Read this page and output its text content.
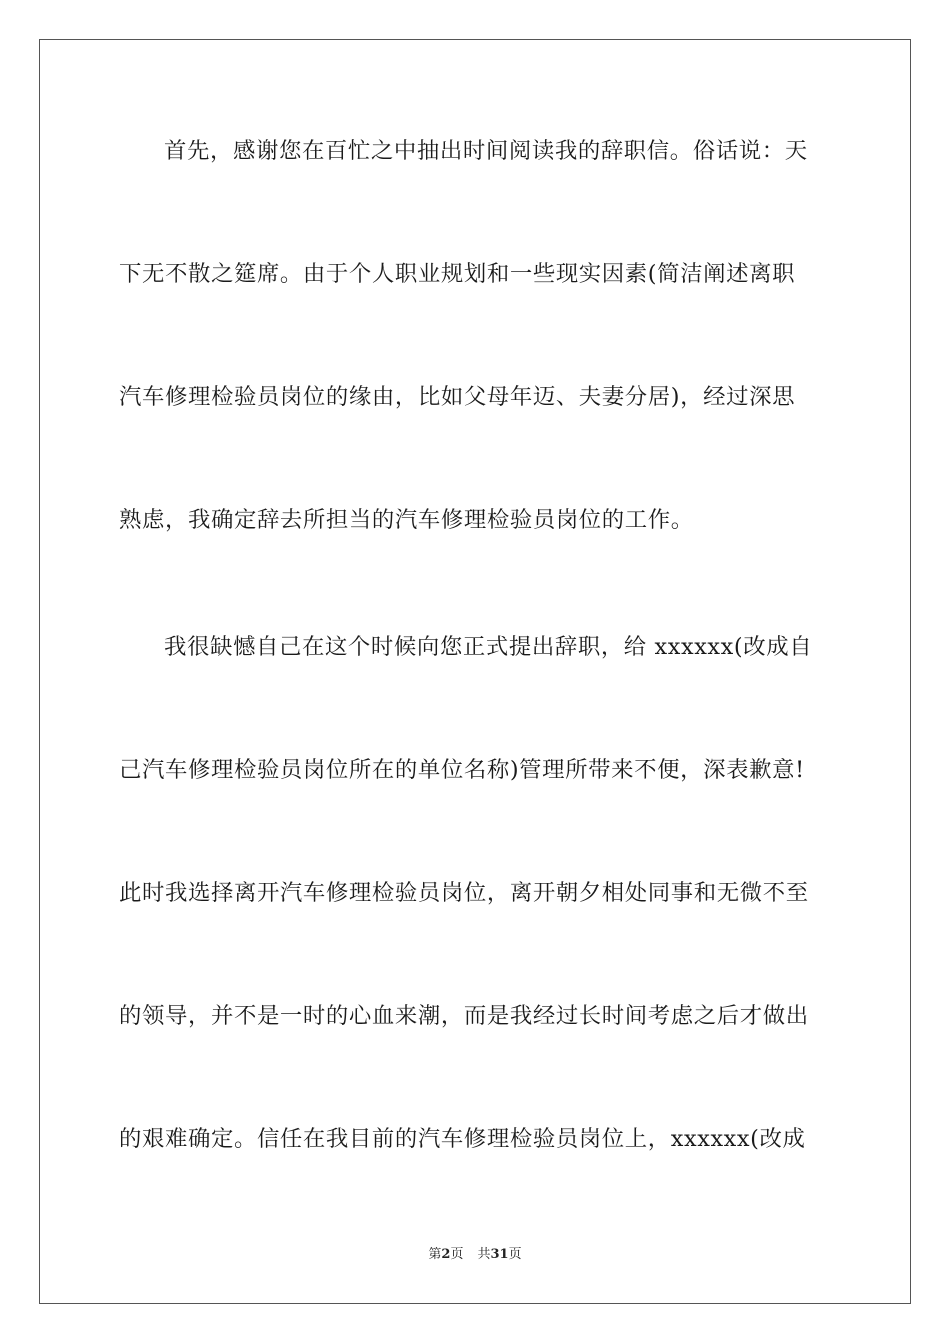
首先，感谢您在百忙之中抽出时间阅读我的辞职信。俗话说：天
下无不散之筵席。由于个人职业规划和一些现实因素(简洁阐述离职
汽车修理检验员岗位的缘由，比如父母年迈、夫妻分居)，经过深思
熟虑，我确定辞去所担当的汽车修理检验员岗位的工作。
我很缺憾自己在这个时候向您正式提出辞职，给 xxxxxx(改成自
己汽车修理检验员岗位所在的单位名称)管理所带来不便，深表歉意!
此时我选择离开汽车修理检验员岗位，离开朝夕相处同事和无微不至
的领导，并不是一时的心血来潮，而是我经过长时间考虑之后才做出
的艰难确定。信任在我目前的汽车修理检验员岗位上，xxxxxx(改成
第2页 共31页
